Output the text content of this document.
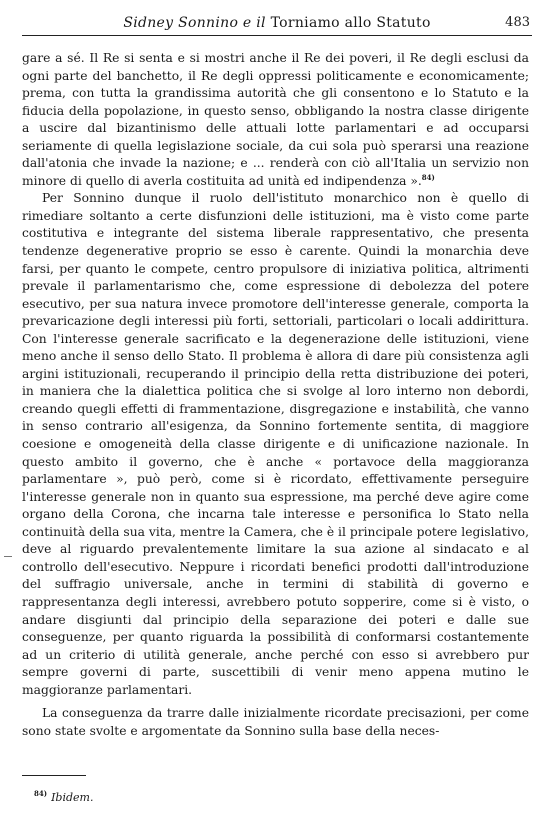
Sidney Sonnino e il Torniamo allo Statuto	483

gare a sé. Il Re si senta e si mostri anche il Re dei poveri, il Re degli esclusi da ogni parte del banchetto, il Re degli oppressi politicamente e economicamente; prema, con tutta la grandissima autorità che gli consentono e lo Statuto e la fiducia della popolazione, in questo senso, obbligando la nostra classe dirigente a uscire dal bizantinismo delle attuali lotte parlamentari e ad occuparsi seriamente di quella legislazione sociale, da cui sola può sperarsi una reazione dall'atonia che invade la nazione; e ... renderà con ciò all'Italia un servizio non minore di quello di averla costituita ad unità ed indipendenza ».$^{84)}$

Per Sonnino dunque il ruolo dell'istituto monarchico non è quello di rimediare soltanto a certe disfunzioni delle istituzioni, ma è visto come parte costitutiva e integrante del sistema liberale rappresentativo, che presenta tendenze degenerative proprio se esso è carente. Quindi la monarchia deve farsi, per quanto le compete, centro propulsore di iniziativa politica, altrimenti prevale il parlamentarismo che, come espressione di debolezza del potere esecutivo, per sua natura invece promotore dell'interesse generale, comporta la prevaricazione degli interessi più forti, settoriali, particolari o locali addirittura. Con l'interesse generale sacrificato e la degenerazione delle istituzioni, viene meno anche il senso dello Stato. Il problema è allora di dare più consistenza agli argini istituzionali, recuperando il principio della retta distribuzione dei poteri, in maniera che la dialettica politica che si svolge al loro interno non debordi, creando quegli effetti di frammentazione, disgregazione e instabilità, che vanno in senso contrario all'esigenza, da Sonnino fortemente sentita, di maggiore coesione e omogeneità della classe dirigente e di unificazione nazionale. In questo ambito il governo, che è anche « portavoce della maggioranza parlamentare », può però, come si è ricordato, effettivamente perseguire l'interesse generale non in quanto sua espressione, ma perché deve agire come organo della Corona, che incarna tale interesse e personifica lo Stato nella continuità della sua vita, mentre la Camera, che è il principale potere legislativo, deve al riguardo prevalentemente limitare la sua azione al sindacato e al controllo dell'esecutivo. Neppure i ricordati benefici prodotti dall'introduzione del suffragio universale, anche in termini di stabilità di governo e rappresentanza degli interessi, avrebbero potuto sopperire, come si è visto, o andare disgiunti dal principio della separazione dei poteri e dalle sue conseguenze, per quanto riguarda la possibilità di conformarsi costantemente ad un criterio di utilità generale, anche perché con esso si avrebbero pur sempre governi di parte, suscettibili di venir meno appena mutino le maggioranze parlamentari.

La conseguenza da trarre dalle inizialmente ricordate precisazioni, per come sono state svolte e argomentate da Sonnino sulla base della neces-

$^{84)}$ Ibidem.
